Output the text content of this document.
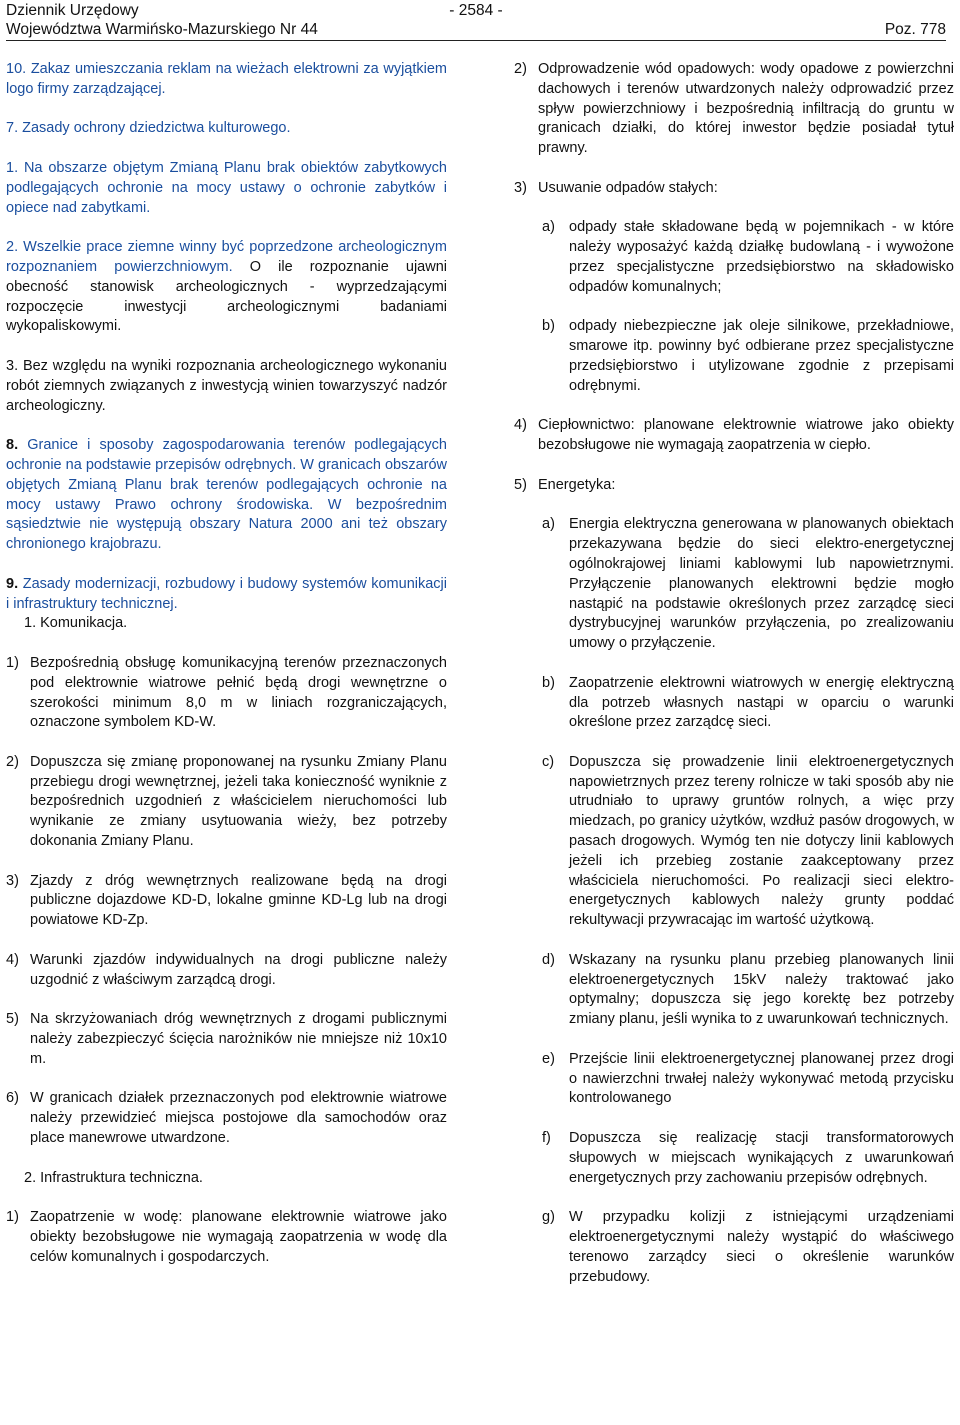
Dziennik Urzędowy
Województwa Warmińsko-Mazurskiego Nr 44
- 2584 -
Poz. 778

10. Zakaz umieszczania reklam na wieżach elektrowni za wyjątkiem logo firmy zarządzającej.

7. Zasady ochrony dziedzictwa kulturowego.

1. Na obszarze objętym Zmianą Planu brak obiektów zabytkowych podlegających ochronie na mocy ustawy o ochronie zabytków i opiece nad zabytkami.

2. Wszelkie prace ziemne winny być poprzedzone archeologicznym rozpoznaniem powierzchniowym. O ile rozpoznanie ujawni obecność stanowisk archeologicznych - wyprzedzającymi rozpoczęcie inwestycji archeologicznymi badaniami wykopaliskowymi.

3. Bez względu na wyniki rozpoznania archeologicznego wykonaniu robót ziemnych związanych z inwestycją winien towarzyszyć nadzór archeologiczny.

8. Granice i sposoby zagospodarowania terenów podlegających ochronie na podstawie przepisów odrębnych. W granicach obszarów objętych Zmianą Planu brak terenów podlegających ochronie na mocy ustawy Prawo ochrony środowiska. W bezpośrednim sąsiedztwie nie występują obszary Natura 2000 ani też obszary chronionego krajobrazu.

9. Zasady modernizacji, rozbudowy i budowy systemów komunikacji i infrastruktury technicznej.

1. Komunikacja.

1) Bezpośrednią obsługę komunikacyjną terenów przeznaczonych pod elektrownie wiatrowe pełnić będą drogi wewnętrzne o szerokości minimum 8,0 m w liniach rozgraniczających, oznaczone symbolem KD-W.
2) Dopuszcza się zmianę proponowanej na rysunku Zmiany Planu przebiegu drogi wewnętrznej, jeżeli taka konieczność wyniknie z bezpośrednich uzgodnień z właścicielem nieruchomości lub wynikanie ze zmiany usytuowania wieży, bez potrzeby dokonania Zmiany Planu.
3) Zjazdy z dróg wewnętrznych realizowane będą na drogi publiczne dojazdowe KD-D, lokalne gminne KD-Lg lub na drogi powiatowe KD-Zp.
4) Warunki zjazdów indywidualnych na drogi publiczne należy uzgodnić z właściwym zarządcą drogi.
5) Na skrzyżowaniach dróg wewnętrznych z drogami publicznymi należy zabezpieczyć ścięcia narożników nie mniejsze niż 10x10 m.
6) W granicach działek przeznaczonych pod elektrownie wiatrowe należy przewidzieć miejsca postojowe dla samochodów oraz place manewrowe utwardzone.

2. Infrastruktura techniczna.

1) Zaopatrzenie w wodę: planowane elektrownie wiatrowe jako obiekty bezobsługowe nie wymagają zaopatrzenia w wodę dla celów komunalnych i gospodarczych.
2) Odprowadzenie wód opadowych: wody opadowe z powierzchni dachowych i terenów utwardzonych należy odprowadzić przez spływ powierzchniowy i bezpośrednią infiltracją do gruntu w granicach działki, do której inwestor będzie posiadał tytuł prawny.
3) Usuwanie odpadów stałych:
a) odpady stałe składowane będą w pojemnikach - w które należy wyposażyć każdą działkę budowlaną - i wywożone przez specjalistyczne przedsiębiorstwo na składowisko odpadów komunalnych;
b) odpady niebezpieczne jak oleje silnikowe, przekładniowe, smarowe itp. powinny być odbierane przez specjalistyczne przedsiębiorstwo i utylizowane zgodnie z przepisami odrębnymi.
4) Ciepłownictwo: planowane elektrownie wiatrowe jako obiekty bezobsługowe nie wymagają zaopatrzenia w ciepło.
5) Energetyka:
a) Energia elektryczna generowana w planowanych obiektach przekazywana będzie do sieci elektro-energetycznej ogólnokrajowej liniami kablowymi lub napowietrznymi. Przyłączenie planowanych elektrowni będzie mogło nastąpić na podstawie określonych przez zarządcę sieci dystrybucyjnej warunków przyłączenia, po zrealizowaniu umowy o przyłączenie.
b) Zaopatrzenie elektrowni wiatrowych w energię elektryczną dla potrzeb własnych nastąpi w oparciu o warunki określone przez zarządcę sieci.
c)	Dopuszcza się prowadzenie linii elektroenergetycznych napowietrznych przez tereny rolnicze w taki sposób aby nie utrudniało to uprawy gruntów rolnych, a więc przy miedzach, po granicy użytków, wzdłuż pasów drogowych, w pasach drogowych. Wymóg ten nie dotyczy linii kablowych jeżeli ich przebieg zostanie zaakceptowany przez właściciela nieruchomości. Po realizacji sieci elektro-energetycznych kablowych należy grunty poddać rekultywacji przywracając im wartość użytkową.
d) Wskazany na rysunku planu przebieg planowanych linii elektroenergetycznych 15kV należy traktować jako optymalny; dopuszcza się jego korektę bez potrzeby zmiany planu, jeśli wynika to z uwarunkowań technicznych.
e) Przejście linii elektroenergetycznej planowanej przez drogi o nawierzchni trwałej należy wykonywać metodą przycisku kontrolowanego
f)	Dopuszcza się realizację stacji transformatorowych słupowych w miejscach wynikających z uwarunkowań energetycznych przy zachowaniu przepisów odrębnych.
g) W przypadku kolizji z istniejącymi urządzeniami elektroenergetycznymi należy wystąpić do właściwego terenowo zarządcy sieci o określenie warunków przebudowy.
